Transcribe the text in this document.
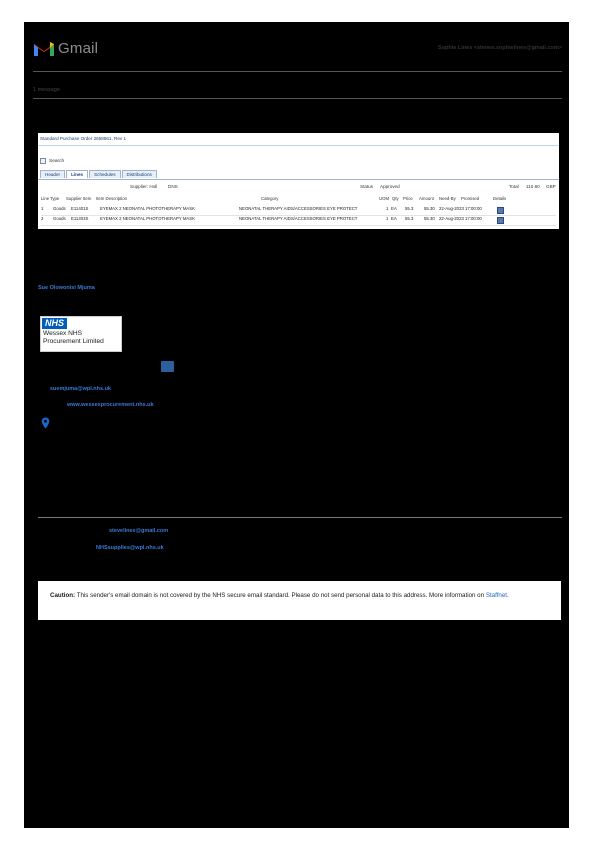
Gmail	Sophie Lines <steven.sophielines@gmail.com>
1 message
Standard Purchase Order 2658561, Rev 1
Search
Header	Lines	Schedules	Distributions
Supplier: Holl DNS	Status Approved	Total 110.60 GBP
Line Type Supplier Item Item Description	Category	UOM Qty Price Amount Need-By Promised	Details
1 Goods E11401S	EYEMAX 2 NEONATAL PHOTOTHERAPY MASK	NEONATAL THERAPY AIDS/ACCESSORIES EYE PROTECT	1 EA 55.3 55.30 22-Aug-2023 17:00:00
2 Goods E11403S	EYEMAX 2 NEONATAL PHOTOTHERAPY MASK	NEONATAL THERAPY AIDS/ACCESSORIES EYE PROTECT	1 EA 55.3 55.30 22-Aug-2023 17:00:00
Sue Olowonisi Mjuma
NHS
Wessex NHS
Procurement Limited
suemjuma@wpl.nhs.uk
www.wessexprocurement.nhs.uk
stevelines@gmail.com
NHSsupplies@wpl.nhs.uk
Caution: This sender's email domain is not covered by the NHS secure email standard. Please do not send personal data to this address. More information on Staffnet.
